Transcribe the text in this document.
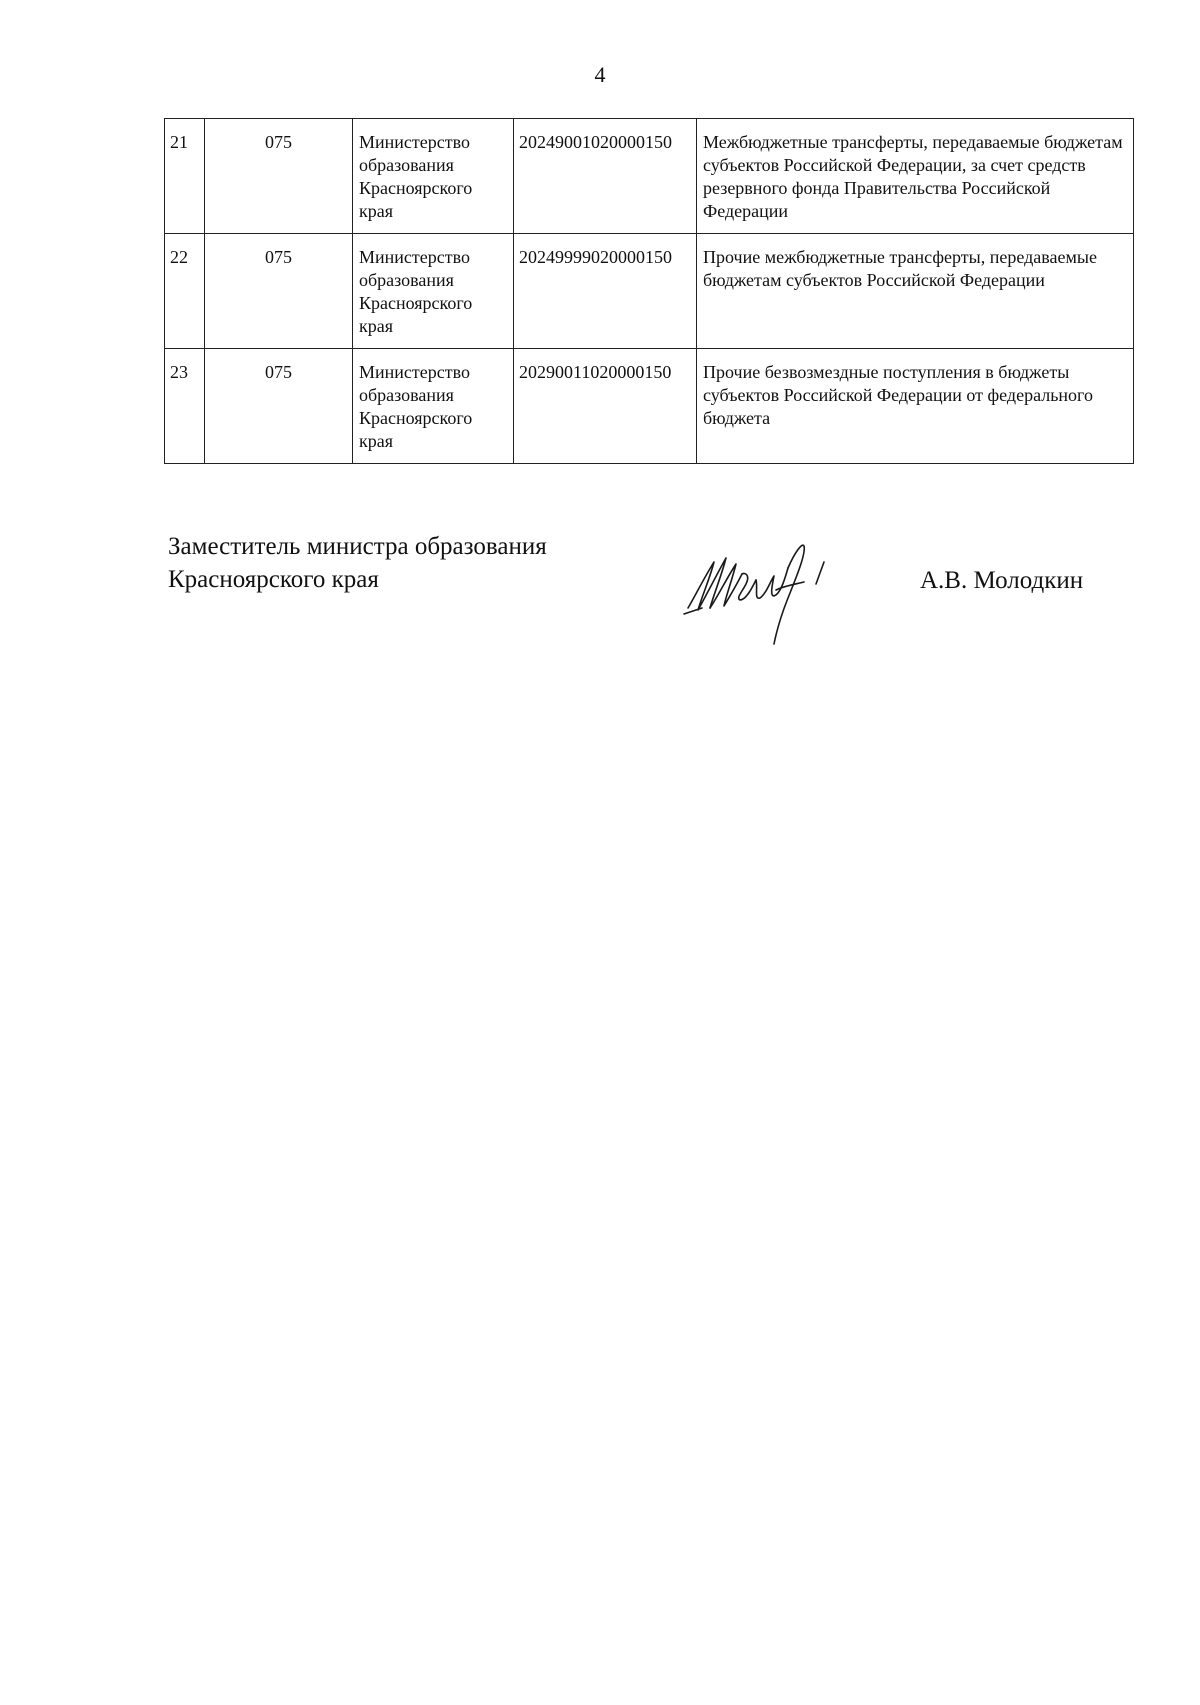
4
21	075	Министерство образования Красноярского края	20249001020000150	Межбюджетные трансферты, передаваемые бюджетам субъектов Российской Федерации, за счет средств резервного фонда Правительства Российской Федерации
22	075	Министерство образования Красноярского края	20249999020000150	Прочие межбюджетные трансферты, передаваемые бюджетам субъектов Российской Федерации
23	075	Министерство образования Красноярского края	20290011020000150	Прочие безвозмездные поступления в бюджеты субъектов Российской Федерации от федерального бюджета
Заместитель министра образования
Красноярского края	А.В. Молодкин
